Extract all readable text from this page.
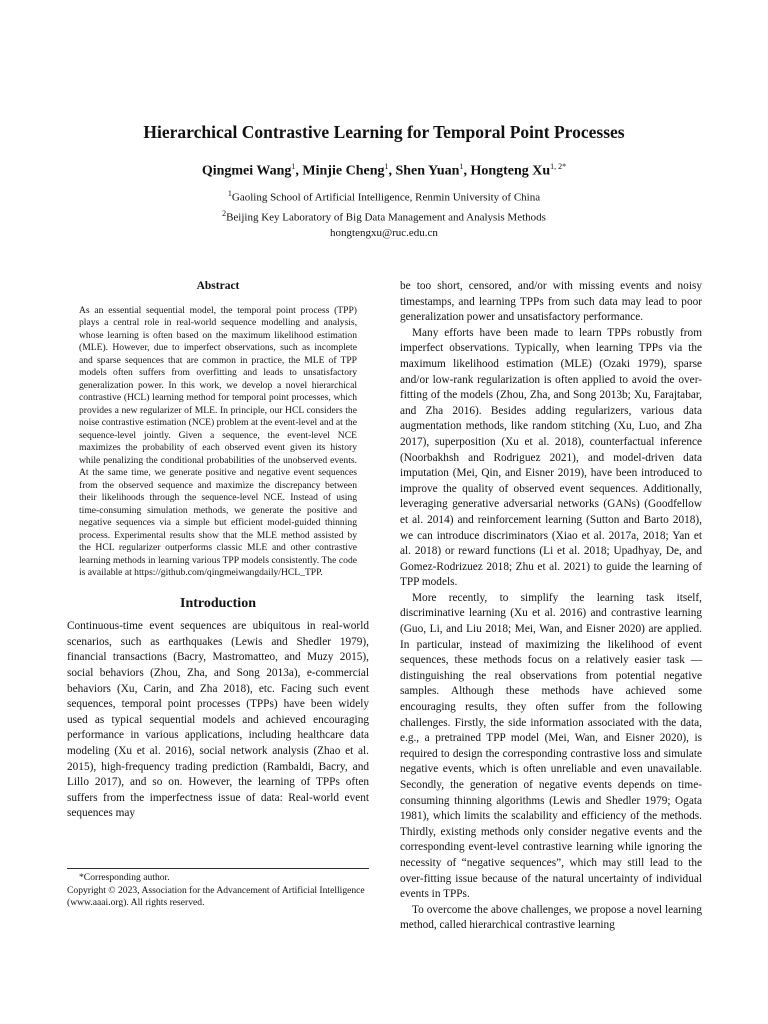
Hierarchical Contrastive Learning for Temporal Point Processes
Qingmei Wang$^1$, Minjie Cheng$^1$, Shen Yuan$^1$, Hongteng $Xu^{1, 2*}$
$^1$Gaoling School of Artificial Intelligence, Renmin University of China
$^2$Beijing Key Laboratory of Big Data Management and Analysis Methods
hongtengxu@ruc.edu.cn
Abstract

As an essential sequential model, the temporal point process (TPP) plays a central role in real-world sequence modelling and analysis, whose learning is often based on the maximum likelihood estimation (MLE). However, due to imperfect observations, such as incomplete and sparse sequences that are common in practice, the MLE of TPP models often suffers from overfitting and leads to unsatisfactory generalization power. In this work, we develop a novel hierarchical contrastive (HCL) learning method for temporal point processes, which provides a new regularizer of MLE. In principle, our HCL considers the noise contrastive estimation (NCE) problem at the event-level and at the sequence-level jointly. Given a sequence, the event-level NCE maximizes the probability of each observed event given its history while penalizing the conditional probabilities of the unobserved events. At the same time, we generate positive and negative event sequences from the observed sequence and maximize the discrepancy between their likelihoods through the sequence-level NCE. Instead of using time-consuming simulation methods, we generate the positive and negative sequences via a simple but efficient model-guided thinning process. Experimental results show that the MLE method assisted by the HCL regularizer outperforms classic MLE and other contrastive learning methods in learning various TPP models consistently. The code is available at https://github.com/qingmeiwangdaily/HCL_TPP.

Introduction

Continuous-time event sequences are ubiquitous in real-world scenarios, such as earthquakes (Lewis and Shedler 1979), financial transactions (Bacry, Mastromatteo, and Muzy 2015), social behaviors (Zhou, Zha, and Song 2013a), e-commercial behaviors (Xu, Carin, and Zha 2018), etc. Facing such event sequences, temporal point processes (TPPs) have been widely used as typical sequential models and achieved encouraging performance in various applications, including healthcare data modeling (Xu et al. 2016), social network analysis (Zhao et al. 2015), high-frequency trading prediction (Rambaldi, Bacry, and Lillo 2017), and so on. However, the learning of TPPs often suffers from the imperfectness issue of data: Real-world event sequences may

*Corresponding author.
Copyright © 2023, Association for the Advancement of Artificial Intelligence (www.aaai.org). All rights reserved.

be too short, censored, and/or with missing events and noisy timestamps, and learning TPPs from such data may lead to poor generalization power and unsatisfactory performance.

Many efforts have been made to learn TPPs robustly from imperfect observations. Typically, when learning TPPs via the maximum likelihood estimation (MLE) (Ozaki 1979), sparse and/or low-rank regularization is often applied to avoid the over-fitting of the models (Zhou, Zha, and Song 2013b; Xu, Farajtabar, and Zha 2016). Besides adding regularizers, various data augmentation methods, like random stitching (Xu, Luo, and Zha 2017), superposition (Xu et al. 2018), counterfactual inference (Noorbakhsh and Rodriguez 2021), and model-driven data imputation (Mei, Qin, and Eisner 2019), have been introduced to improve the quality of observed event sequences. Additionally, leveraging generative adversarial networks (GANs) (Goodfellow et al. 2014) and reinforcement learning (Sutton and Barto 2018), we can introduce discriminators (Xiao et al. 2017a, 2018; Yan et al. 2018) or reward functions (Li et al. 2018; Upadhyay, De, and Gomez-Rodrizuez 2018; Zhu et al. 2021) to guide the learning of TPP models.

More recently, to simplify the learning task itself, discriminative learning (Xu et al. 2016) and contrastive learning (Guo, Li, and Liu 2018; Mei, Wan, and Eisner 2020) are applied. In particular, instead of maximizing the likelihood of event sequences, these methods focus on a relatively easier task — distinguishing the real observations from potential negative samples. Although these methods have achieved some encouraging results, they often suffer from the following challenges. Firstly, the side information associated with the data, e.g., a pretrained TPP model (Mei, Wan, and Eisner 2020), is required to design the corresponding contrastive loss and simulate negative events, which is often unreliable and even unavailable. Secondly, the generation of negative events depends on time-consuming thinning algorithms (Lewis and Shedler 1979; Ogata 1981), which limits the scalability and efficiency of the methods. Thirdly, existing methods only consider negative events and the corresponding event-level contrastive learning while ignoring the necessity of “negative sequences”, which may still lead to the over-fitting issue because of the natural uncertainty of individual events in TPPs.

To overcome the above challenges, we propose a novel learning method, called hierarchical contrastive learning
